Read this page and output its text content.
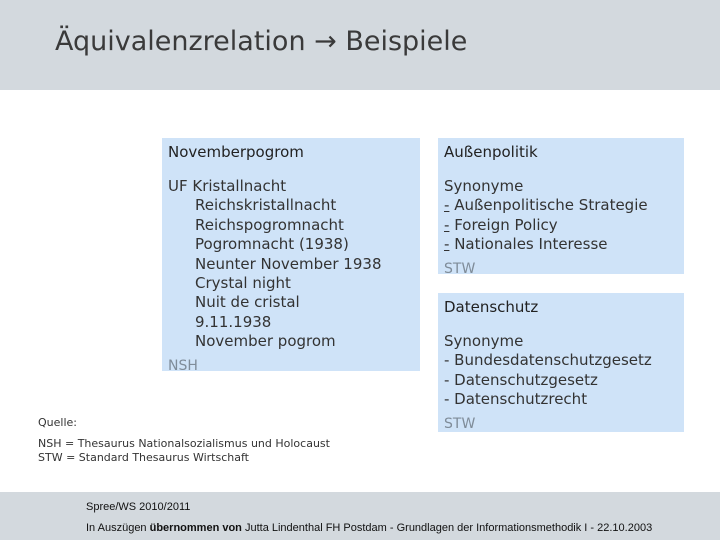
Äquivalenzrelation → Beispiele
Novemberpogrom
UF Kristallnacht
Reichskristallnacht
Reichspogromnacht
Pogromnacht (1938)
Neunter November 1938
Crystal night
Nuit de cristal
9.11.1938
November pogrom
NSH
Außenpolitik
Synonyme
- Außenpolitische Strategie
- Foreign Policy
- Nationales Interesse
STW
Datenschutz
Synonyme
- Bundesdatenschutzgesetz
- Datenschutzgesetz
- Datenschutzrecht
STW
Quelle:
NSH = Thesaurus Nationalsozialismus und Holocaust
STW = Standard Thesaurus Wirtschaft
Spree/WS 2010/2011
In Auszügen übernommen von Jutta Lindenthal FH Postdam - Grundlagen der Informationsmethodik I - 22.10.2003
